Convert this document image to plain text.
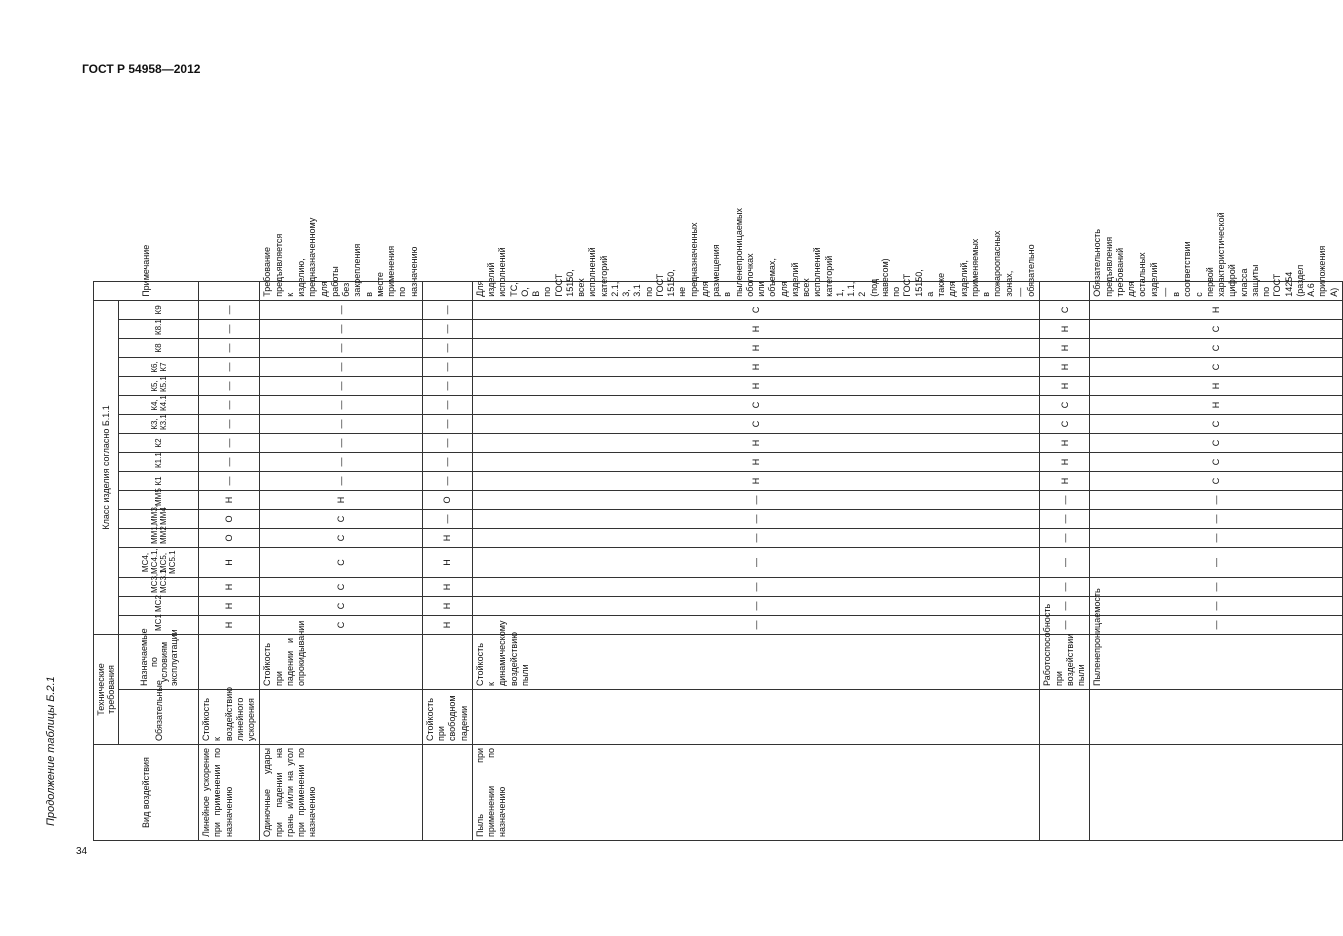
ГОСТ Р 54958—2012
34
Продолжение таблицы Б.2.1	Вид воздействия	Технические требования		Класс изделия согласно Б.1.1																	Примечание
	Обязательные	Назначаемые по условиям эксплуатации	МС1	МС2	МС3, МС3.1	МС4, МС4.1, МС5, МС5.1	ММ1, ММ2	ММ3, ММ4	ММ5	К1	К1.1	К2	К3, К3.1	К4, К4.1	К5, К5.1	К6, К7	К8	К8.1	К9	
Линейное ускорение при применении по назначению	Стойкость к воздействию линейного ускорения		Н	Н	Н	Н	О	О	Н	—	—	—	—	—	—	—	—	—	—	
Одиночные удары при падении на грань и/или на угол при применении по назначению		Стойкость при падении и опрокидывании	С	С	С	С	С	С	Н	—	—	—	—	—	—	—	—	—	—	Требование предъявляется к изделию, предназначенному для работы без закрепления в месте применения по назначению
	Стойкость при свободном падении		Н	Н	Н	Н	Н	—	О	—	—	—	—	—	—	—	—	—	—	
Пыль при применении по назначению		Стойкость к динамическому воздействию пыли	—	—	—	—	—	—	—	Н	Н	Н	С	С	Н	Н	Н	Н	С	Для изделий исполнений ТС, О, В по ГОСТ 15150, всех исполнений категорий 2.1, 3, 3.1 по ГОСТ 15150, не предназначенных для размещения в пыленепроницаемых оболочках или объемах, для изделий всех исполнений категорий 1, 1.1, 2 (под навесом) по ГОСТ 15150, а также для изделий, применяемых в пожароопасных зонах, — обязательно
		Работоспособность при воздействии пыли	—	—	—	—	—	—	—	Н	Н	Н	С	С	Н	Н	Н	Н	С	
		Пыленепроницаемость	—	—	—	—	—	—	—	С	С	С	С	Н	Н	С	С	С	Н	Обязательность предъявления требований для остальных изделий — в соответствии с первой характеристической цифрой класса защиты по ГОСТ 14254 (раздел А.6 приложения А)
